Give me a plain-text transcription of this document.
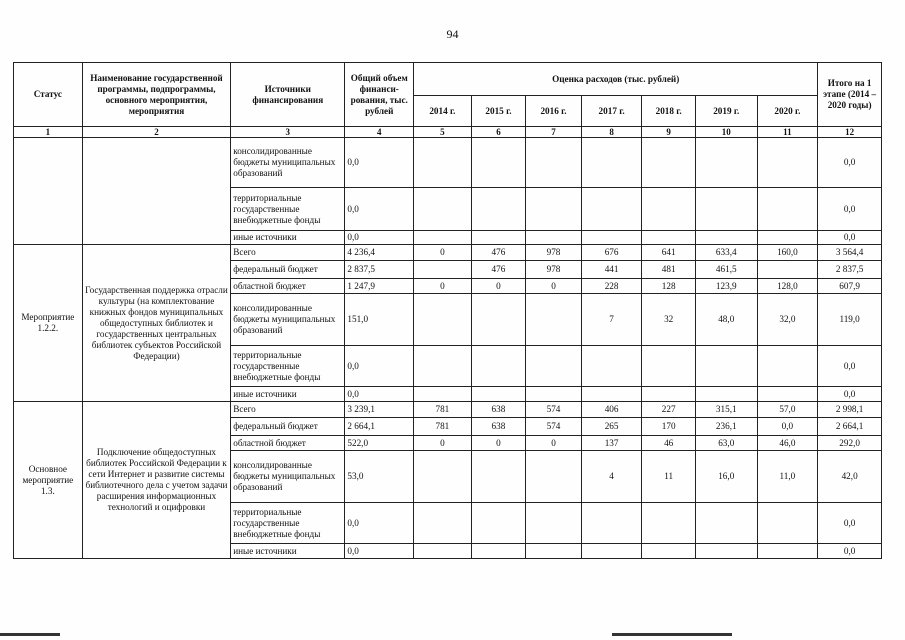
94
Статус	Наименование государственной программы, подпрограммы, основного мероприятия, мероприятия	Источники финансирования	Общий объем финанси-рования, тыс. рублей	Оценка расходов (тыс. рублей)							Итого на 1 этапе (2014 – 2020 годы)
				2014 г.	2015 г.	2016 г.	2017 г.	2018 г.	2019 г.	2020 г.	
1	2	3	4	5	6	7	8	9	10	11	12
		консолидированные бюджеты муниципальных образований	0,0								0,0
		территориальные государственные внебюджетные фонды	0,0								0,0
		иные источники	0,0								0,0
Мероприятие 1.2.2.	Государственная поддержка отрасли культуры (на комплектование книжных фондов муниципальных общедоступных библиотек и государственных центральных библиотек субъектов Российской Федерации)	Всего	4 236,4	0	476	978	676	641	633,4	160,0	3 564,4
		федеральный бюджет	2 837,5		476	978	441	481	461,5		2 837,5
		областной бюджет	1 247,9	0	0	0	228	128	123,9	128,0	607,9
		консолидированные бюджеты муниципальных образований	151,0				7	32	48,0	32,0	119,0
		территориальные государственные внебюджетные фонды	0,0								0,0
		иные источники	0,0								0,0
Основное мероприятие 1.3.	Подключение общедоступных библиотек Российской Федерации к сети Интернет и развитие системы библиотечного дела с учетом задачи расширения информационных технологий и оцифровки	Всего	3 239,1	781	638	574	406	227	315,1	57,0	2 998,1
		федеральный бюджет	2 664,1	781	638	574	265	170	236,1	0,0	2 664,1
		областной бюджет	522,0	0	0	0	137	46	63,0	46,0	292,0
		консолидированные бюджеты муниципальных образований	53,0				4	11	16,0	11,0	42,0
		территориальные государственные внебюджетные фонды	0,0								0,0
		иные источники	0,0								0,0
